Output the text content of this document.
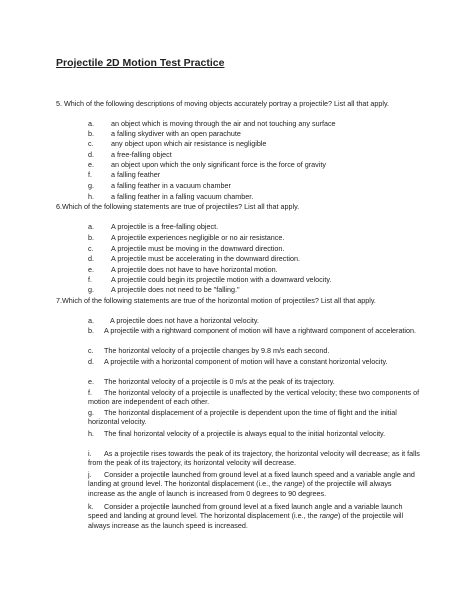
Projectile 2D Motion Test Practice
5. Which of the following descriptions of moving objects accurately portray a projectile? List all that apply.
a. an object which is moving through the air and not touching any surface
b. a falling skydiver with an open parachute
c. any object upon which air resistance is negligible
d. a free-falling object
e. an object upon which the only significant force is the force of gravity
f.	a falling feather
g. a falling feather in a vacuum chamber
h. a falling feather in a falling vacuum chamber.
6.Which of the following statements are true of projectiles? List all that apply.
a. A projectile is a free-falling object.
b. A projectile experiences negligible or no air resistance.
c. A projectile must be moving in the downward direction.
d. A projectile must be accelerating in the downward direction.
e. A projectile does not have to have horizontal motion.
f.	A projectile could begin its projectile motion with a downward velocity.
g. A projectile does not need to be "falling."
7.Which of the following statements are true of the horizontal motion of projectiles? List all that apply.
a. A projectile does not have a horizontal velocity.
b. A projectile with a rightward component of motion will have a rightward component of acceleration.
c. The horizontal velocity of a projectile changes by 9.8 m/s each second.
d. A projectile with a horizontal component of motion will have a constant horizontal velocity.
e. The horizontal velocity of a projectile is 0 m/s at the peak of its trajectory.
f. The horizontal velocity of a projectile is unaffected by the vertical velocity; these two components of motion are independent of each other.
g. The horizontal displacement of a projectile is dependent upon the time of flight and the initial horizontal velocity.
h. The final horizontal velocity of a projectile is always equal to the initial horizontal velocity.
i. As a projectile rises towards the peak of its trajectory, the horizontal velocity will decrease; as it falls from the peak of its trajectory, its horizontal velocity will decrease.
j. Consider a projectile launched from ground level at a fixed launch speed and a variable angle and landing at ground level. The horizontal displacement (i.e., the range) of the projectile will always increase as the angle of launch is increased from 0 degrees to 90 degrees.
k. Consider a projectile launched from ground level at a fixed launch angle and a variable launch speed and landing at ground level. The horizontal displacement (i.e., the range) of the projectile will always increase as the launch speed is increased.
